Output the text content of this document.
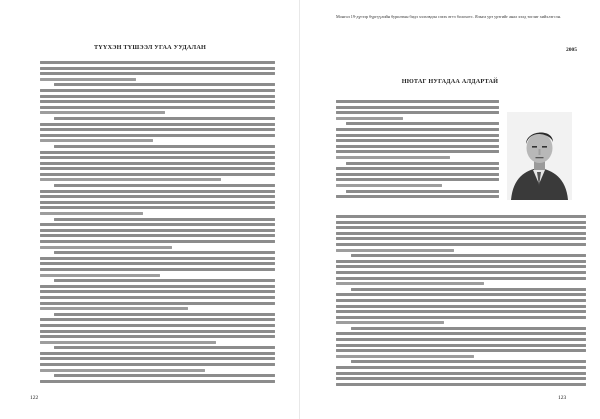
ТҮҮХЭН ТҮШЭЭЛ УГАА УУДАЛАН
122
Монгол 19-дүгээр бүргүүлийн бурилтын бидэ хэлхэвдэн сэхэх өгтэ болохотс. Ялыга урт уртгийг анал хэлд тоглиг хийхлэгсэн.
2005
НЮТАГ НУГАДАА АЛДАРТАЙ
123
